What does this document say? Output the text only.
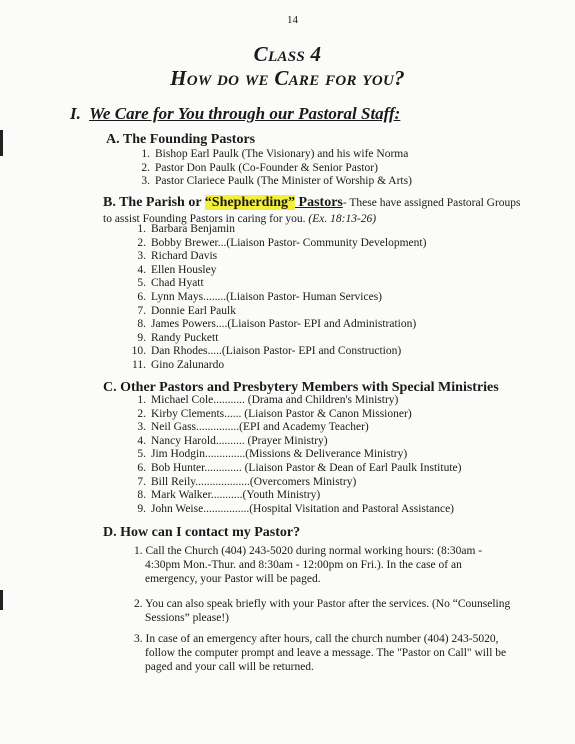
14
Class 4
How do we Care for you?
I. We Care for You through our Pastoral Staff:
A. The Founding Pastors
1. Bishop Earl Paulk (The Visionary) and his wife Norma
2. Pastor Don Paulk (Co-Founder & Senior Pastor)
3. Pastor Clariece Paulk (The Minister of Worship & Arts)
B. The Parish or “Shepherding” Pastors- These have assigned Pastoral Groups
to assist Founding Pastors in caring for you. (Ex. 18:13-26)
1. Barbara Benjamin
2. Bobby Brewer...(Liaison Pastor- Community Development)
3. Richard Davis
4. Ellen Housley
5. Chad Hyatt
6. Lynn Mays........(Liaison Pastor- Human Services)
7. Donnie Earl Paulk
8. James Powers....(Liaison Pastor- EPI and Administration)
9. Randy Puckett
10. Dan Rhodes.....(Liaison Pastor- EPI and Construction)
11. Gino Zalunardo
C. Other Pastors and Presbytery Members with Special Ministries
1. Michael Cole........... (Drama and Children's Ministry)
2. Kirby Clements...... (Liaison Pastor & Canon Missioner)
3. Neil Gass...............(EPI and Academy Teacher)
4. Nancy Harold.......... (Prayer Ministry)
5. Jim Hodgin..............(Missions & Deliverance Ministry)
6. Bob Hunter............. (Liaison Pastor & Dean of Earl Paulk Institute)
7. Bill Reily...................(Overcomers Ministry)
8. Mark Walker...........(Youth Ministry)
9. John Weise................(Hospital Visitation and Pastoral Assistance)
D. How can I contact my Pastor?
1. Call the Church (404) 243-5020 during normal working hours: (8:30am -
4:30pm Mon.-Thur. and 8:30am - 12:00pm on Fri.). In the case of an
emergency, your Pastor will be paged.
2. You can also speak briefly with your Pastor after the services. (No “Counseling
Sessions” please!)
3. In case of an emergency after hours, call the church number (404) 243-5020,
follow the computer prompt and leave a message. The "Pastor on Call" will be
paged and your call will be returned.
